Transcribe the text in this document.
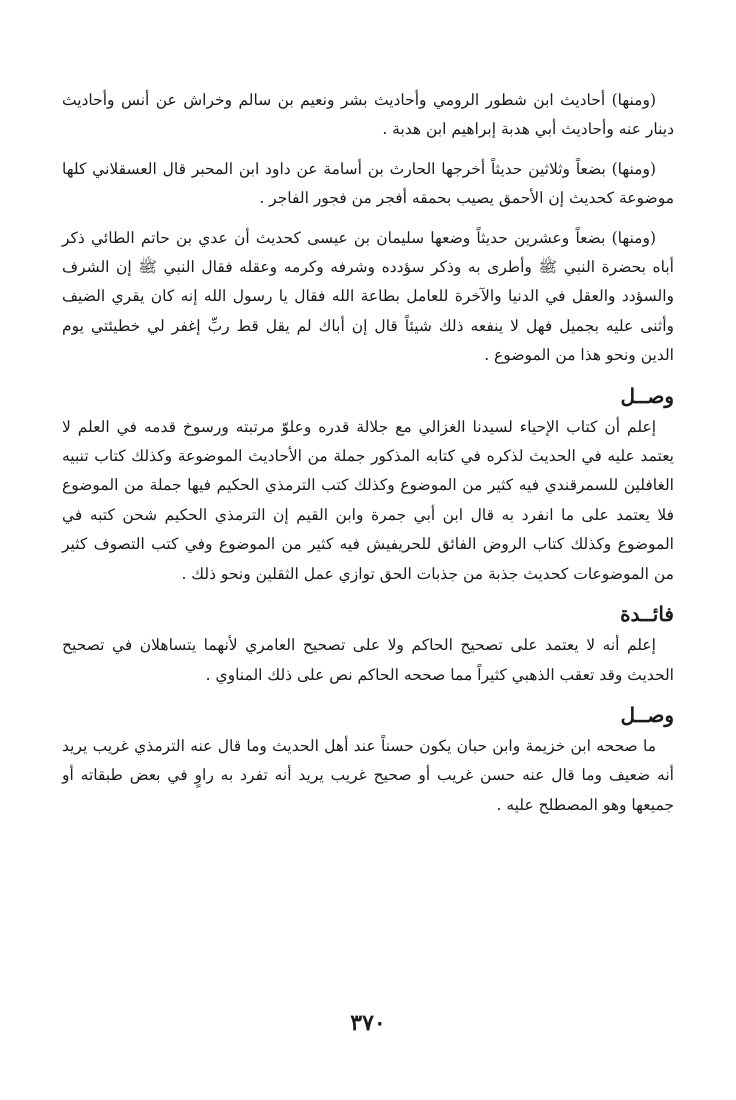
(ومنها) أحاديث ابن شطور الرومي وأحاديث بشر ونعيم بن سالم وخراش عن أنس وأحاديث دينار عنه وأحاديث أبي هدبة إبراهيم ابن هدبة .

(ومنها) بضعاً وثلاثين حديثاً أخرجها الحارث بن أسامة عن داود ابن المحبر قال العسقلاني كلها موضوعة كحديث إن الأحمق يصيب بحمقه أفجر من فجور الفاجر .

(ومنها) بضعاً وعشرين حديثاً وضعها سليمان بن عيسى كحديث أن عدي بن حاتم الطائي ذكر أباه بحضرة النبي ﷺ وأطرى به وذكر سؤدده وشرفه وكرمه وعقله فقال النبي ﷺ إن الشرف والسؤدد والعقل في الدنيا والآخرة للعامل بطاعة الله فقال يا رسول الله إنه كان يقري الضيف وأثنى عليه بجميل فهل لا ينفعه ذلك شيئاً قال إن أباك لم يقل قط ربِّ إغفر لي خطيئتي يوم الدين ونحو هذا من الموضوع .

وصــل

إعلم أن كتاب الإحياء لسيدنا الغزالي مع جلالة قدره وعلوّ مرتبته ورسوخ قدمه في العلم لا يعتمد عليه في الحديث لذكره في كتابه المذكور جملة من الأحاديث الموضوعة وكذلك كتاب تنبيه الغافلين للسمرقندي فيه كثير من الموضوع وكذلك كتب الترمذي الحكيم فيها جملة من الموضوع فلا يعتمد على ما انفرد به قال ابن أبي جمرة وابن القيم إن الترمذي الحكيم شحن كتبه في الموضوع وكذلك كتاب الروض الفائق للحريفيش فيه كثير من الموضوع وفي كتب التصوف كثير من الموضوعات كحديث جذبة من جذبات الحق توازي عمل الثقلين ونحو ذلك .

فائــدة

إعلم أنه لا يعتمد على تصحيح الحاكم ولا على تصحيح العامري لأنهما يتساهلان في تصحيح الحديث وقد تعقب الذهبي كثيراً مما صححه الحاكم نص على ذلك المناوي .

وصــل

ما صححه ابن خزيمة وابن حبان يكون حسناً عند أهل الحديث وما قال عنه الترمذي غريب يريد أنه ضعيف وما قال عنه حسن غريب أو صحيح غريب يريد أنه تفرد به راوٍ في بعض طبقاته أو جميعها وهو المصطلح عليه .

٣٧٠
